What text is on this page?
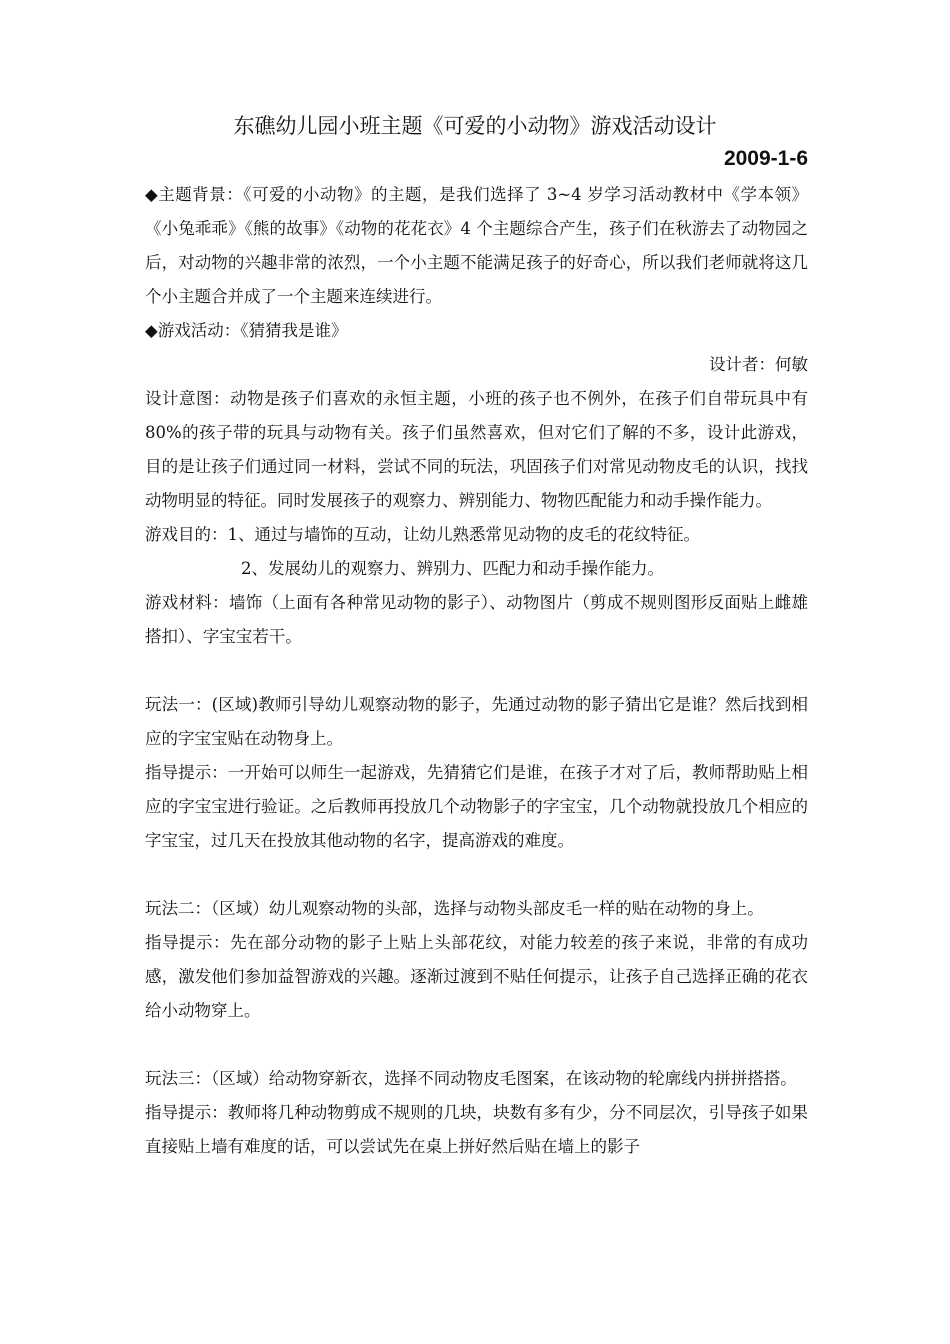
东礁幼儿园小班主题《可爱的小动物》游戏活动设计
2009-1-6

◆主题背景：《可爱的小动物》的主题，是我们选择了 3~4 岁学习活动教材中《学本领》《小兔乖乖》《熊的故事》《动物的花花衣》4 个主题综合产生，孩子们在秋游去了动物园之后，对动物的兴趣非常的浓烈，一个小主题不能满足孩子的好奇心，所以我们老师就将这几个小主题合并成了一个主题来连续进行。

◆游戏活动：《猜猜我是谁》

设计者：何敏

设计意图：动物是孩子们喜欢的永恒主题，小班的孩子也不例外，在孩子们自带玩具中有 80%的孩子带的玩具与动物有关。孩子们虽然喜欢，但对它们了解的不多，设计此游戏，目的是让孩子们通过同一材料，尝试不同的玩法，巩固孩子们对常见动物皮毛的认识，找找动物明显的特征。同时发展孩子的观察力、辨别能力、物物匹配能力和动手操作能力。

游戏目的：1、通过与墙饰的互动，让幼儿熟悉常见动物的皮毛的花纹特征。

2、发展幼儿的观察力、辨别力、匹配力和动手操作能力。

游戏材料：墙饰（上面有各种常见动物的影子）、动物图片（剪成不规则图形反面贴上雌雄搭扣）、字宝宝若干。

玩法一：(区域)教师引导幼儿观察动物的影子，先通过动物的影子猜出它是谁？然后找到相应的字宝宝贴在动物身上。

指导提示：一开始可以师生一起游戏，先猜猜它们是谁，在孩子才对了后，教师帮助贴上相应的字宝宝进行验证。之后教师再投放几个动物影子的字宝宝，几个动物就投放几个相应的字宝宝，过几天在投放其他动物的名字，提高游戏的难度。

玩法二：（区域）幼儿观察动物的头部，选择与动物头部皮毛一样的贴在动物的身上。

指导提示：先在部分动物的影子上贴上头部花纹，对能力较差的孩子来说，非常的有成功感，激发他们参加益智游戏的兴趣。逐渐过渡到不贴任何提示，让孩子自己选择正确的花衣给小动物穿上。

玩法三：（区域）给动物穿新衣，选择不同动物皮毛图案，在该动物的轮廓线内拼拼搭搭。

指导提示：教师将几种动物剪成不规则的几块，块数有多有少，分不同层次，引导孩子如果直接贴上墙有难度的话，可以尝试先在桌上拼好然后贴在墙上的影子
